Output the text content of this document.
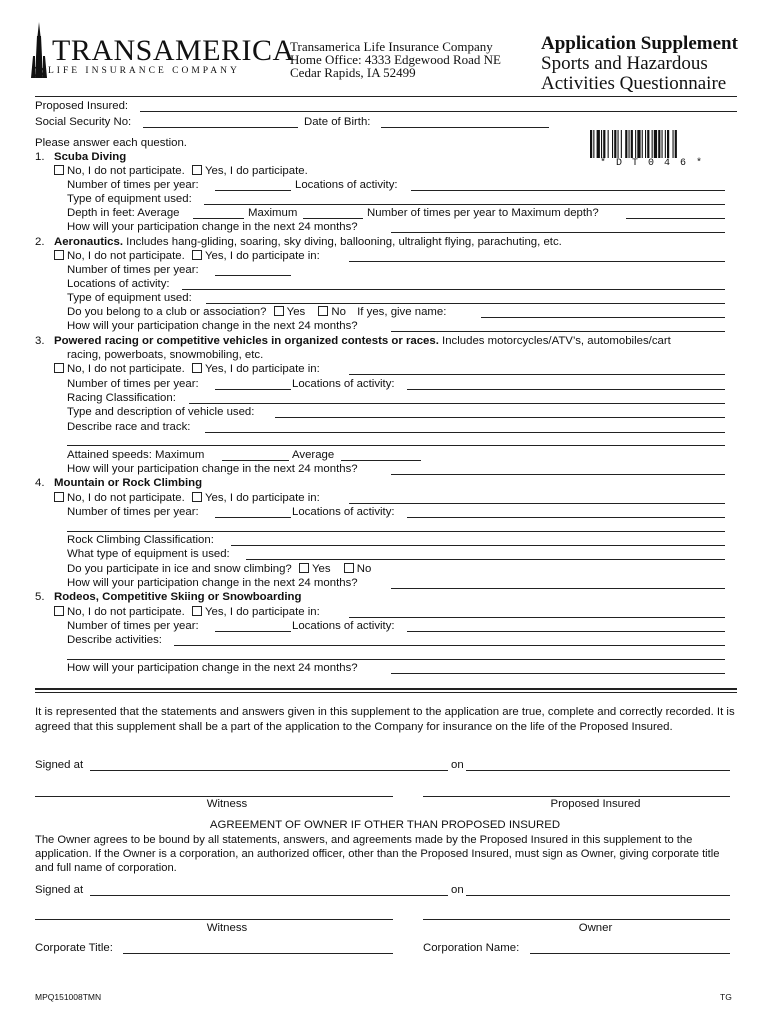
TRANSAMERICA
R LIFE INSURANCE COMPANY
Transamerica Life Insurance Company
Home Office: 4333 Edgewood Road NE
Cedar Rapids, IA 52499
Application Supplement
Sports and Hazardous
Activities Questionnaire
Proposed Insured:
Social Security No:	Date of Birth:
* D T 0 4 6 *
Please answer each question.
1. Scuba Diving
No, I do not participate. Yes, I do participate.
Number of times per year:	Locations of activity:
Type of equipment used:
Depth in feet: Average	Maximum	Number of times per year to Maximum depth?
How will your participation change in the next 24 months?
2. Aeronautics. Includes hang-gliding, soaring, sky diving, ballooning, ultralight flying, parachuting, etc.
No, I do not participate. Yes, I do participate in:
Number of times per year:
Locations of activity:
Type of equipment used:
Do you belong to a club or association? Yes No If yes, give name:
How will your participation change in the next 24 months?
3. Powered racing or competitive vehicles in organized contests or races. Includes motorcycles/ATV’s, automobiles/cart
racing, powerboats, snowmobiling, etc.
No, I do not participate. Yes, I do participate in:
Number of times per year:	Locations of activity:
Racing Classification:
Type and description of vehicle used:
Describe race and track:
Attained speeds: Maximum	Average
How will your participation change in the next 24 months?
4. Mountain or Rock Climbing
No, I do not participate. Yes, I do participate in:
Number of times per year:	Locations of activity:
Rock Climbing Classification:
What type of equipment is used:
Do you participate in ice and snow climbing? Yes No
How will your participation change in the next 24 months?
5. Rodeos, Competitive Skiing or Snowboarding
No, I do not participate. Yes, I do participate in:
Number of times per year:	Locations of activity:
Describe activities:
How will your participation change in the next 24 months?
It is represented that the statements and answers given in this supplement to the application are true, complete and correctly recorded. It is agreed that this supplement shall be a part of the application to the Company for insurance on the life of the Proposed Insured.
Signed at	on
Witness	Proposed Insured
AGREEMENT OF OWNER IF OTHER THAN PROPOSED INSURED
The Owner agrees to be bound by all statements, answers, and agreements made by the Proposed Insured in this supplement to the application. If the Owner is a corporation, an authorized officer, other than the Proposed Insured, must sign as Owner, giving corporate title and full name of corporation.
Signed at	on
Witness	Owner
Corporate Title:	Corporation Name:
MPQ151008TMN	TG
